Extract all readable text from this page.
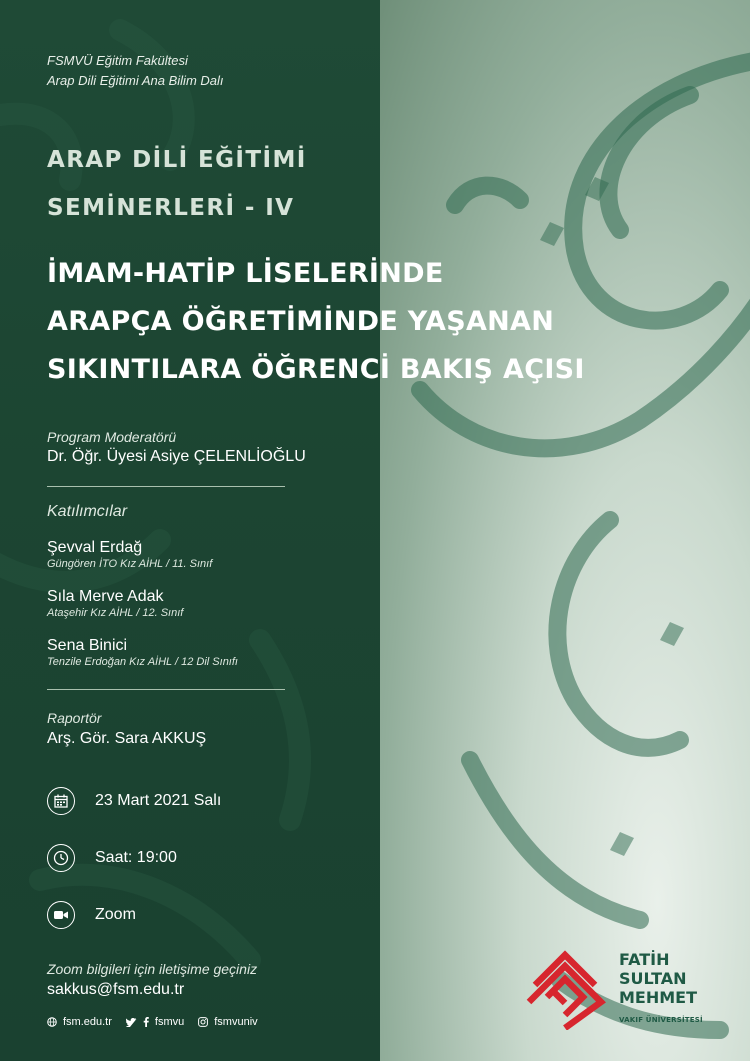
FSMVÜ Eğitim Fakültesi
Arap Dili Eğitimi Ana Bilim Dalı
ARAP DİLİ EĞİTİMİ
SEMİNERLERİ - IV
İMAM-HATİP LİSELERİNDE
ARAPÇA ÖĞRETİMİNDE YAŞANAN
SIKINTILARA ÖĞRENCİ BAKIŞ AÇISI
Program Moderatörü
Dr. Öğr. Üyesi Asiye ÇELENLİOĞLU
Katılımcılar
Şevval Erdağ
Güngören İTO Kız AİHL / 11. Sınıf
Sıla Merve Adak
Ataşehir Kız AİHL / 12. Sınıf
Sena Binici
Tenzile Erdoğan Kız AİHL / 12 Dil Sınıfı
Raportör
Arş. Gör. Sara AKKUŞ
23 Mart 2021 Salı
Saat: 19:00
Zoom
Zoom bilgileri için iletişime geçiniz
sakkus@fsm.edu.tr
fsm.edu.tr	fsmvu	fsmvuniv
FATİH
SULTAN
MEHMET
VAKIF ÜNİVERSİTESİ
